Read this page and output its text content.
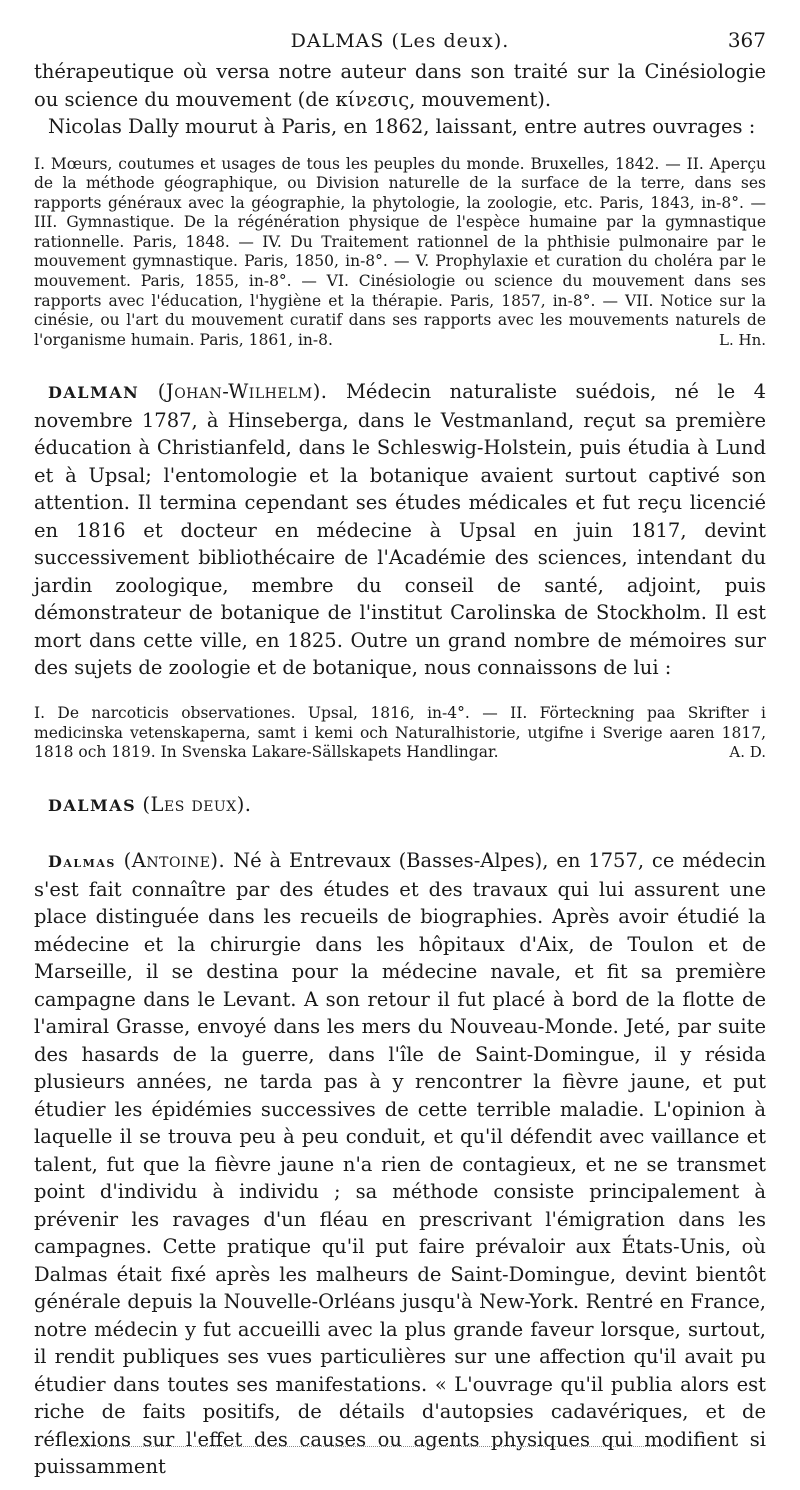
DALMAS (Les deux).	367

thérapeutique où versa notre auteur dans son traité sur la Cinésiologie ou science du mouvement (de κίνεσις, mouvement).

Nicolas Dally mourut à Paris, en 1862, laissant, entre autres ouvrages :

I. Mœurs, coutumes et usages de tous les peuples du monde. Bruxelles, 1842. — II. Aperçu de la méthode géographique, ou Division naturelle de la surface de la terre, dans ses rapports généraux avec la géographie, la phytologie, la zoologie, etc. Paris, 1843, in-8°. — III. Gymnastique. De la régénération physique de l'espèce humaine par la gymnastique rationnelle. Paris, 1848. — IV. Du Traitement rationnel de la phthisie pulmonaire par le mouvement gymnastique. Paris, 1850, in-8°. — V. Prophylaxie et curation du choléra par le mouvement. Paris, 1855, in-8°. — VI. Cinésiologie ou science du mouvement dans ses rapports avec l'éducation, l'hygiène et la thérapie. Paris, 1857, in-8°. — VII. Notice sur la cinésie, ou l'art du mouvement curatif dans ses rapports avec les mouvements naturels de l'organisme humain. Paris, 1861, in-8.	L. Hn.

DALMAN (Johan-Wilhelm). Médecin naturaliste suédois, né le 4 novembre 1787, à Hinseberga, dans le Vestmanland, reçut sa première éducation à Christianfeld, dans le Schleswig-Holstein, puis étudia à Lund et à Upsal; l'entomologie et la botanique avaient surtout captivé son attention. Il termina cependant ses études médicales et fut reçu licencié en 1816 et docteur en médecine à Upsal en juin 1817, devint successivement bibliothécaire de l'Académie des sciences, intendant du jardin zoologique, membre du conseil de santé, adjoint, puis démonstrateur de botanique de l'institut Carolinska de Stockholm. Il est mort dans cette ville, en 1825. Outre un grand nombre de mémoires sur des sujets de zoologie et de botanique, nous connaissons de lui :

I. De narcoticis observationes. Upsal, 1816, in-4°. — II. Förteckning paa Skrifter i medicinska vetenskaperna, samt i kemi och Naturalhistorie, utgifne i Sverige aaren 1817, 1818 och 1819. In Svenska Lakare-Sällskapets Handlingar.	A. D.

DALMAS (Les deux).

Dalmas (Antoine). Né à Entrevaux (Basses-Alpes), en 1757, ce médecin s'est fait connaître par des études et des travaux qui lui assurent une place distinguée dans les recueils de biographies. Après avoir étudié la médecine et la chirurgie dans les hôpitaux d'Aix, de Toulon et de Marseille, il se destina pour la médecine navale, et fit sa première campagne dans le Levant. A son retour il fut placé à bord de la flotte de l'amiral Grasse, envoyé dans les mers du Nouveau-Monde. Jeté, par suite des hasards de la guerre, dans l'île de Saint-Domingue, il y résida plusieurs années, ne tarda pas à y rencontrer la fièvre jaune, et put étudier les épidémies successives de cette terrible maladie. L'opinion à laquelle il se trouva peu à peu conduit, et qu'il défendit avec vaillance et talent, fut que la fièvre jaune n'a rien de contagieux, et ne se transmet point d'individu à individu ; sa méthode consiste principalement à prévenir les ravages d'un fléau en prescrivant l'émigration dans les campagnes. Cette pratique qu'il put faire prévaloir aux États-Unis, où Dalmas était fixé après les malheurs de Saint-Domingue, devint bientôt générale depuis la Nouvelle-Orléans jusqu'à New-York. Rentré en France, notre médecin y fut accueilli avec la plus grande faveur lorsque, surtout, il rendit publiques ses vues particulières sur une affection qu'il avait pu étudier dans toutes ses manifestations. « L'ouvrage qu'il publia alors est riche de faits positifs, de détails d'autopsies cadavériques, et de réflexions sur l'effet des causes ou agents physiques qui modifient si puissamment
